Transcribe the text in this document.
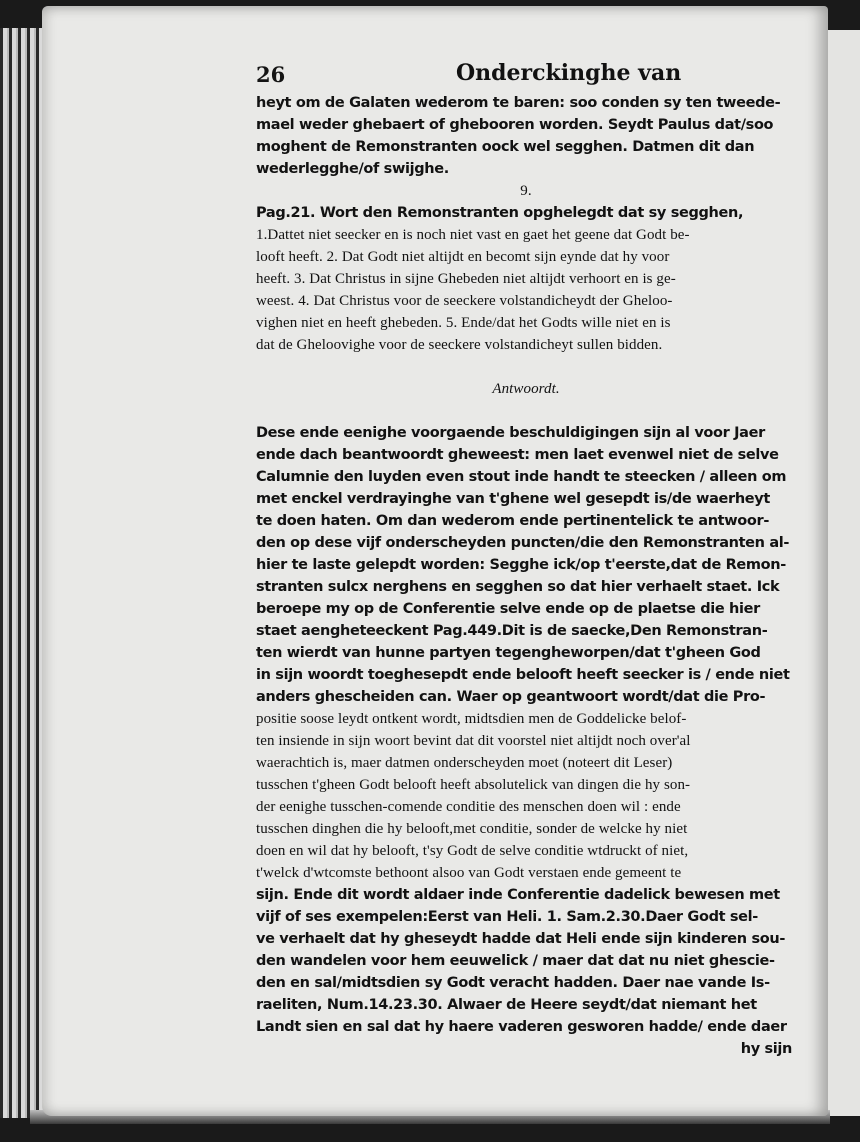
26	Onderckinghe van
heyt om de Galaten wederom te baren: soo conden sy ten tweede-
mael weder ghebaert of ghebooren worden. Seydt Paulus dat/soo
moghent de Remonstranten oock wel segghen. Datmen dit dan
wederlegghe/of swijghe.
9.
Pag.21. Wort den Remonstranten opghelegdt dat sy segghen,
1.Dattet niet seecker en is noch niet vast en gaet het geene dat Godt be-
looft heeft. 2. Dat Godt niet altijdt en becomt sijn eynde dat hy voor
heeft. 3. Dat Christus in sijne Ghebeden niet altijdt verhoort en is ge-
weest. 4. Dat Christus voor de seeckere volstandicheydt der Gheloo-
vighen niet en heeft ghebeden. 5. Ende/dat het Godts wille niet en is
dat de Gheloovighe voor de seeckere volstandicheyt sullen bidden.
Antwoordt.
Dese ende eenighe voorgaende beschuldigingen sijn al voor Jaer
ende dach beantwoordt ghewеest: men laet evenwel niet de selve
Calumnie den luyden even stout inde handt te steecken / alleen om
met enckel verdrayinghe van t'ghene wel gesepdt is/de waerheyt
te doen haten. Om dan wederom ende pertinentelick te antwoor-
den op dese vijf onderscheyden puncten/die den Remonstranten al-
hier te laste gelepdt worden: Segghe ick/op t'eerste,dat de Remon-
stranten sulcx nerghens en segghen so dat hier verhaelt staet. Ick
beroepe my op de Conferentie selve ende op de plaetse die hier
staet aengheteeckent Pag.449.Dit is de saecke,Den Remonstran-
ten wierdt van hunne partyen tegenghewоrpen/dat t'gheen God
in sijn woordt toeghesepdt ende belooft heeft seecker is / ende niet
anders ghescheiden can. Waer op geantwoort wordt/dat die Pro-
positie soose leydt ontkent wordt, midtsdien men de Goddelicke belof-
ten insiende in sijn woort bevint dat dit voorstel niet altijdt noch over'al
waerachtich is, maer datmen onderscheyden moet (noteert dit Leser)
tusschen t'gheen Godt belooft heeft absolutelick van dingen die hy son-
der eenighe tusschen-comende conditie des menschen doen wil : ende
tusschen dinghen die hy belooft,met conditie, sonder de welcke hy niet
doen en wil dat hy belooft, t'sy Godt de selve conditie wtdruckt of niet,
t'welck d'wtcomste bethoont alsoo van Godt verstaen ende gemeent te
sijn. Ende dit wordt aldaer inde Conferentie dadelick bewesen met
vijf of ses exempelen:Eerst van Heli. 1. Sam.2.30.Daer Godt sel-
ve verhaelt dat hy gheseydt hadde dat Heli ende sijn kinderen sou-
den wandelen voor hem eeuwelick / maer dat dat nu niet ghescie-
den en sal/midtsdien sy Godt veracht hadden. Daer nae vande Is-
raeliten, Num.14.23.30. Alwaer de Heere seydt/dat niemant het
Landt sien en sal dat hy haere vaderen gesworen hadde/ ende daer
hy sijn
